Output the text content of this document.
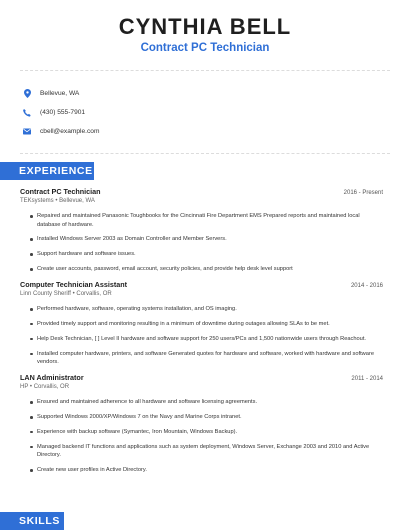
CYNTHIA BELL
Contract PC Technician
Bellevue, WA
(430) 555-7901
cbell@example.com
EXPERIENCE
Contract PC Technician	2016 - Present
TEKsystems • Bellevue, WA
Repaired and maintained Panasonic Toughbooks for the Cincinnati Fire Department EMS Prepared reports and maintained local database of hardware.
Installed Windows Server 2003 as Domain Controller and Member Servers.
Support hardware and software issues.
Create user accounts, password, email account, security policies, and provide help desk level support
Computer Technician Assistant	2014 - 2016
Linn County Sheriff • Corvallis, OR
Performed hardware, software, operating systems installation, and OS imaging.
Provided timely support and monitoring resulting in a minimum of downtime during outages allowing SLAs to be met.
Help Desk Technician, [ ] Level II hardware and software support for 250 users/PCs and 1,500 nationwide users through Reachout.
Installed computer hardware, printers, and software Generated quotes for hardware and software, worked with hardware and software vendors.
LAN Administrator	2011 - 2014
HP • Corvallis, OR
Ensured and maintained adherence to all hardware and software licensing agreements.
Supported Windows 2000/XP/Windows 7 on the Navy and Marine Corps intranet.
Experience with backup software (Symantec, Iron Mountain, Windows Backup).
Managed backend IT functions and applications such as system deployment, Windows Server, Exchange 2003 and 2010 and Active Directory.
Create new user profiles in Active Directory.
SKILLS
